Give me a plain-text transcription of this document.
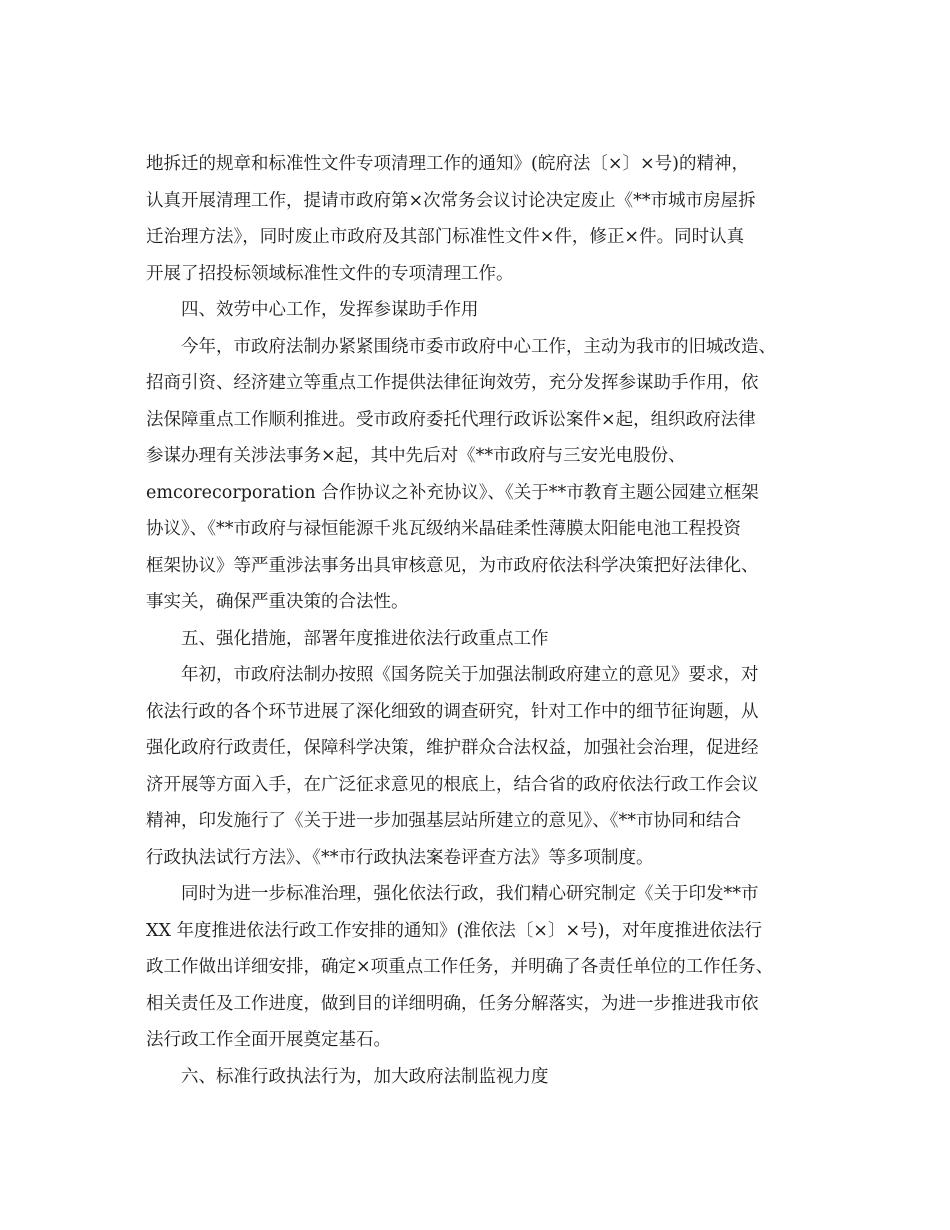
地拆迁的规章和标准性文件专项清理工作的通知》(皖府法〔×〕×号)的精神，
认真开展清理工作，提请市政府第×次常务会议讨论决定废止《**市城市房屋拆
迁治理方法》，同时废止市政府及其部门标准性文件×件，修正×件。同时认真
开展了招投标领域标准性文件的专项清理工作。
四、效劳中心工作，发挥参谋助手作用
今年，市政府法制办紧紧围绕市委市政府中心工作，主动为我市的旧城改造、
招商引资、经济建立等重点工作提供法律征询效劳，充分发挥参谋助手作用，依
法保障重点工作顺利推进。受市政府委托代理行政诉讼案件×起，组织政府法律
参谋办理有关涉法事务×起，其中先后对《**市政府与三安光电股份、
emcorecorporation 合作协议之补充协议》、《关于**市教育主题公园建立框架
协议》、《**市政府与禄恒能源千兆瓦级纳米晶硅柔性薄膜太阳能电池工程投资
框架协议》等严重涉法事务出具审核意见，为市政府依法科学决策把好法律化、
事实关，确保严重决策的合法性。
五、强化措施，部署年度推进依法行政重点工作
年初，市政府法制办按照《国务院关于加强法制政府建立的意见》要求，对
依法行政的各个环节进展了深化细致的调查研究，针对工作中的细节征询题，从
强化政府行政责任，保障科学决策，维护群众合法权益，加强社会治理，促进经
济开展等方面入手，在广泛征求意见的根底上，结合省的政府依法行政工作会议
精神，印发施行了《关于进一步加强基层站所建立的意见》、《**市协同和结合
行政执法试行方法》、《**市行政执法案卷评查方法》等多项制度。
同时为进一步标准治理，强化依法行政，我们精心研究制定《关于印发**市
XX 年度推进依法行政工作安排的通知》(淮依法〔×〕×号)，对年度推进依法行
政工作做出详细安排，确定×项重点工作任务，并明确了各责任单位的工作任务、
相关责任及工作进度，做到目的详细明确，任务分解落实，为进一步推进我市依
法行政工作全面开展奠定基石。
六、标准行政执法行为，加大政府法制监视力度
